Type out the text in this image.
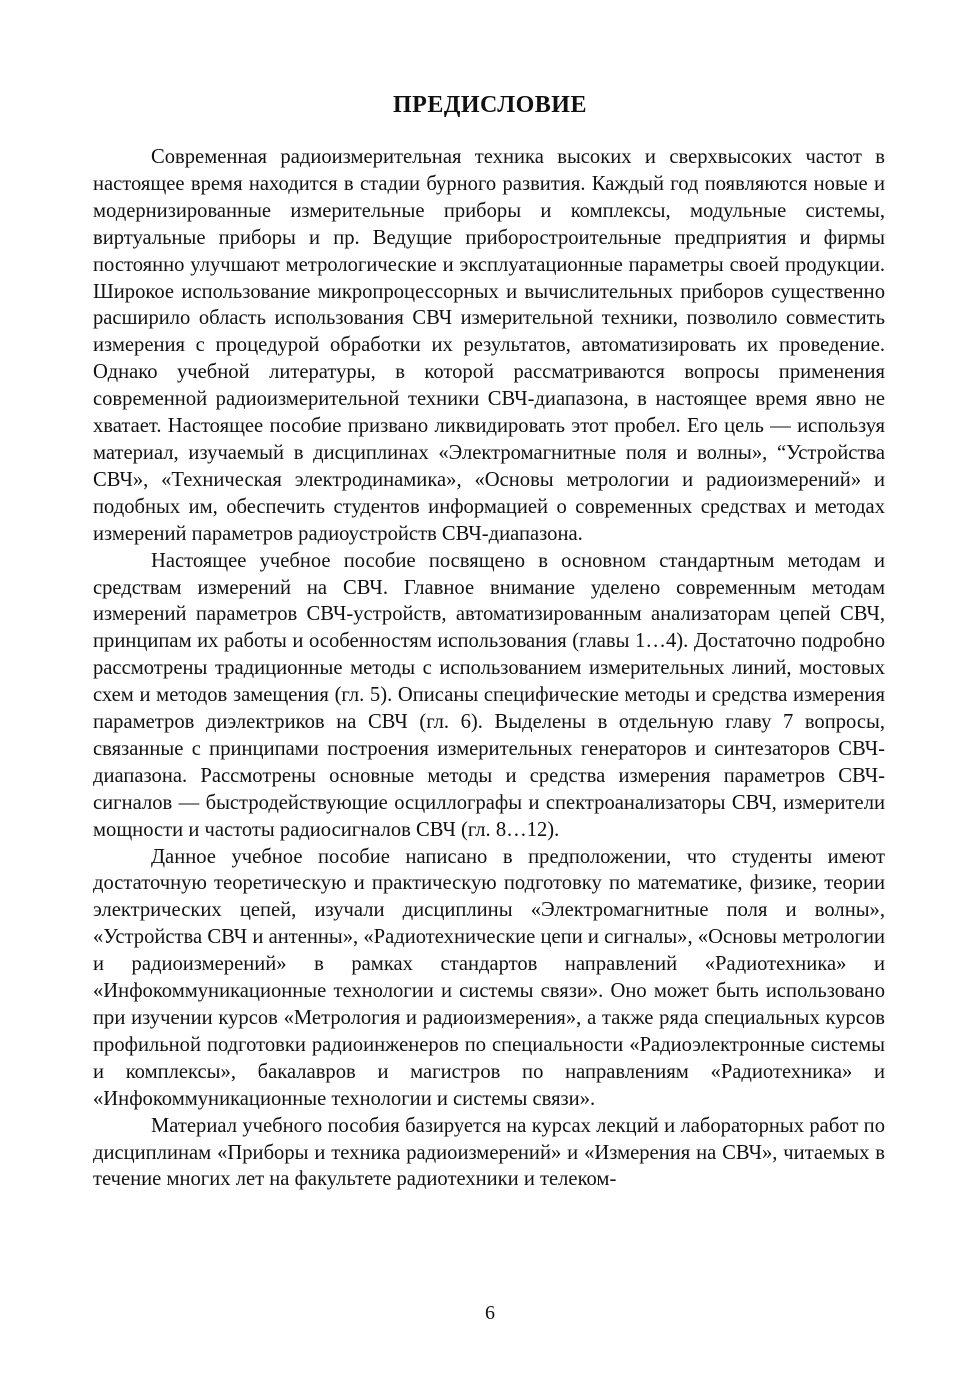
ПРЕДИСЛОВИЕ

Современная радиоизмерительная техника высоких и сверхвысоких частот в настоящее время находится в стадии бурного развития. Каждый год появляются новые и модернизированные измерительные приборы и комплексы, модульные системы, виртуальные приборы и пр. Ведущие приборостроительные предприятия и фирмы постоянно улучшают метрологические и эксплуатационные параметры своей продукции. Широкое использование микропроцессорных и вычислительных приборов существенно расширило область использования СВЧ измерительной техники, позволило совместить измерения с процедурой обработки их результатов, автоматизировать их проведение. Однако учебной литературы, в которой рассматриваются вопросы применения современной радиоизмерительной техники СВЧ-диапазона, в настоящее время явно не хватает. Настоящее пособие призвано ликвидировать этот пробел. Его цель — используя материал, изучаемый в дисциплинах «Электромагнитные поля и волны», “Устройства СВЧ», «Техническая электродинамика», «Основы метрологии и радиоизмерений» и подобных им, обеспечить студентов информацией о современных средствах и методах измерений параметров радиоустройств СВЧ-диапазона.

Настоящее учебное пособие посвящено в основном стандартным методам и средствам измерений на СВЧ. Главное внимание уделено современным методам измерений параметров СВЧ-устройств, автоматизированным анализаторам цепей СВЧ, принципам их работы и особенностям использования (главы 1…4). Достаточно подробно рассмотрены традиционные методы с использованием измерительных линий, мостовых схем и методов замещения (гл. 5). Описаны специфические методы и средства измерения параметров диэлектриков на СВЧ (гл. 6). Выделены в отдельную главу 7 вопросы, связанные с принципами построения измерительных генераторов и синтезаторов СВЧ-диапазона. Рассмотрены основные методы и средства измерения параметров СВЧ-сигналов — быстродействующие осциллографы и спектроанализаторы СВЧ, измерители мощности и частоты радиосигналов СВЧ (гл. 8…12).

Данное учебное пособие написано в предположении, что студенты имеют достаточную теоретическую и практическую подготовку по математике, физике, теории электрических цепей, изучали дисциплины «Электромагнитные поля и волны», «Устройства СВЧ и антенны», «Радиотехнические цепи и сигналы», «Основы метрологии и радиоизмерений» в рамках стандартов направлений «Радиотехника» и «Инфокоммуникационные технологии и системы связи». Оно может быть использовано при изучении курсов «Метрология и радиоизмерения», а также ряда специальных курсов профильной подготовки радиоинженеров по специальности «Радиоэлектронные системы и комплексы», бакалавров и магистров по направлениям «Радиотехника» и «Инфокоммуникационные технологии и системы связи».

Материал учебного пособия базируется на курсах лекций и лабораторных работ по дисциплинам «Приборы и техника радиоизмерений» и «Измерения на СВЧ», читаемых в течение многих лет на факультете радиотехники и телеком-

6
